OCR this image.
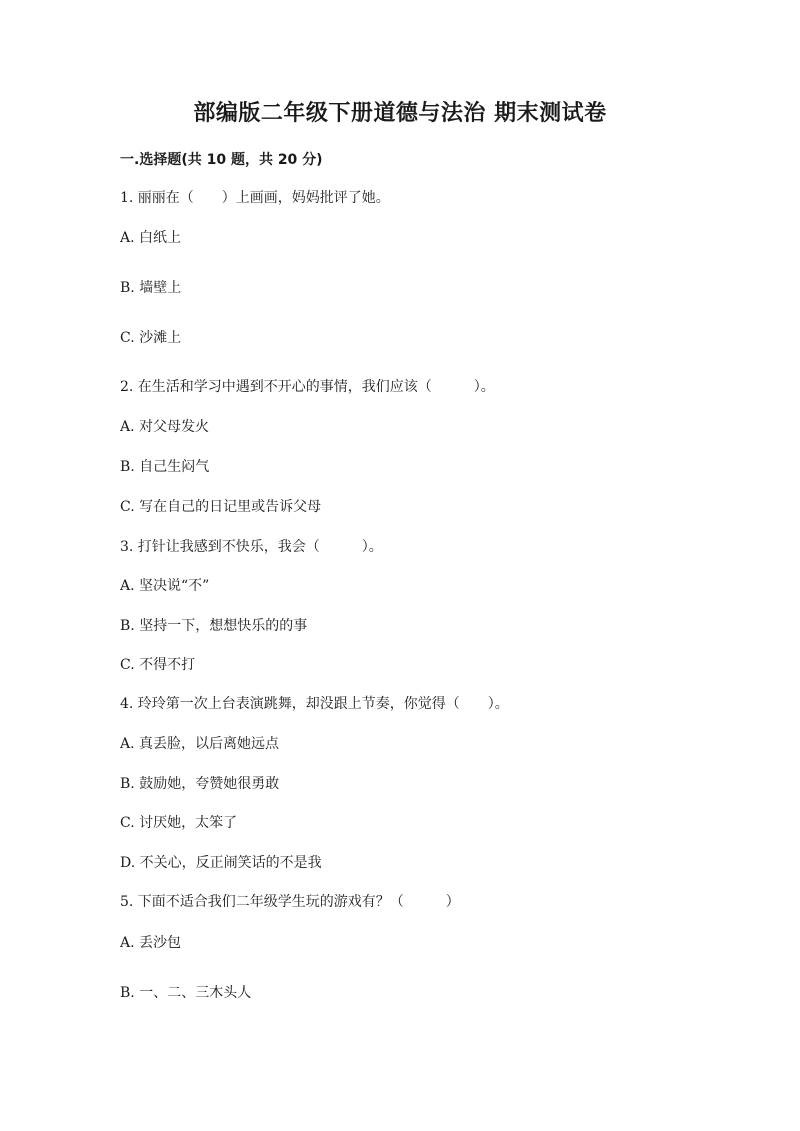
部编版二年级下册道德与法治 期末测试卷
一.选择题(共 10 题，共 20 分)
1. 丽丽在（　　）上画画，妈妈批评了她。
A. 白纸上
B. 墙壁上
C. 沙滩上
2. 在生活和学习中遇到不开心的事情，我们应该（　　　）。
A. 对父母发火
B. 自己生闷气
C. 写在自己的日记里或告诉父母
3. 打针让我感到不快乐，我会（　　　）。
A. 坚决说“不”
B. 坚持一下，想想快乐的的事
C. 不得不打
4. 玲玲第一次上台表演跳舞，却没跟上节奏，你觉得（　　）。
A. 真丢脸，以后离她远点
B. 鼓励她，夸赞她很勇敢
C. 讨厌她，太笨了
D. 不关心，反正闹笑话的不是我
5. 下面不适合我们二年级学生玩的游戏有？（　　　）
A. 丢沙包
B. 一、二、三木头人
